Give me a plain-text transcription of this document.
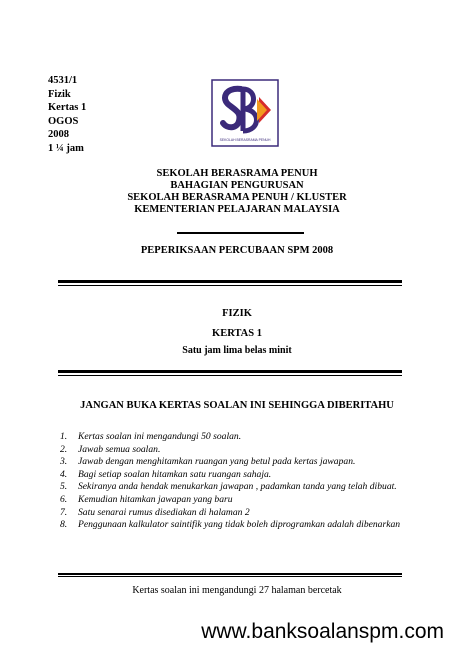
4531/1
Fizik
Kertas 1
OGOS
2008
1 ¼ jam
SEKOLAH BERASRAMA PENUH
SEKOLAH BERASRAMA PENUH
BAHAGIAN PENGURUSAN
SEKOLAH BERASRAMA PENUH / KLUSTER
KEMENTERIAN PELAJARAN MALAYSIA
PEPERIKSAAN PERCUBAAN SPM 2008
FIZIK
KERTAS 1
Satu jam lima belas minit
JANGAN BUKA KERTAS SOALAN INI SEHINGGA DIBERITAHU
1.	Kertas soalan ini mengandungi 50 soalan.
2.	Jawab semua soalan.
3.	Jawab dengan menghitamkan ruangan yang betul pada kertas jawapan.
4.	Bagi setiap soalan hitamkan satu ruangan sahaja.
5.	Sekiranya anda hendak menukarkan jawapan , padamkan tanda yang telah dibuat.
6.	Kemudian hitamkan jawapan yang baru
7.	Satu senarai rumus disediakan di halaman 2
8.	Penggunaan kalkulator saintifik yang tidak boleh diprogramkan adalah dibenarkan
Kertas soalan ini mengandungi 27 halaman bercetak
www.banksoalanspm.com
